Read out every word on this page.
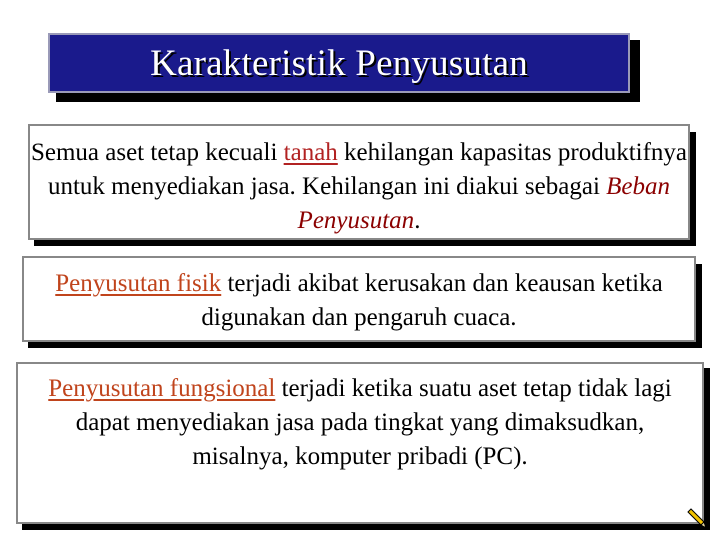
Karakteristik Penyusutan

Semua aset tetap kecuali tanah kehilangan kapasitas produktifnya untuk menyediakan jasa. Kehilangan ini diakui sebagai Beban Penyusutan.

Penyusutan fisik terjadi akibat kerusakan dan keausan ketika digunakan dan pengaruh cuaca.

Penyusutan fungsional terjadi ketika suatu aset tetap tidak lagi dapat menyediakan jasa pada tingkat yang dimaksudkan, misalnya, komputer pribadi (PC).
